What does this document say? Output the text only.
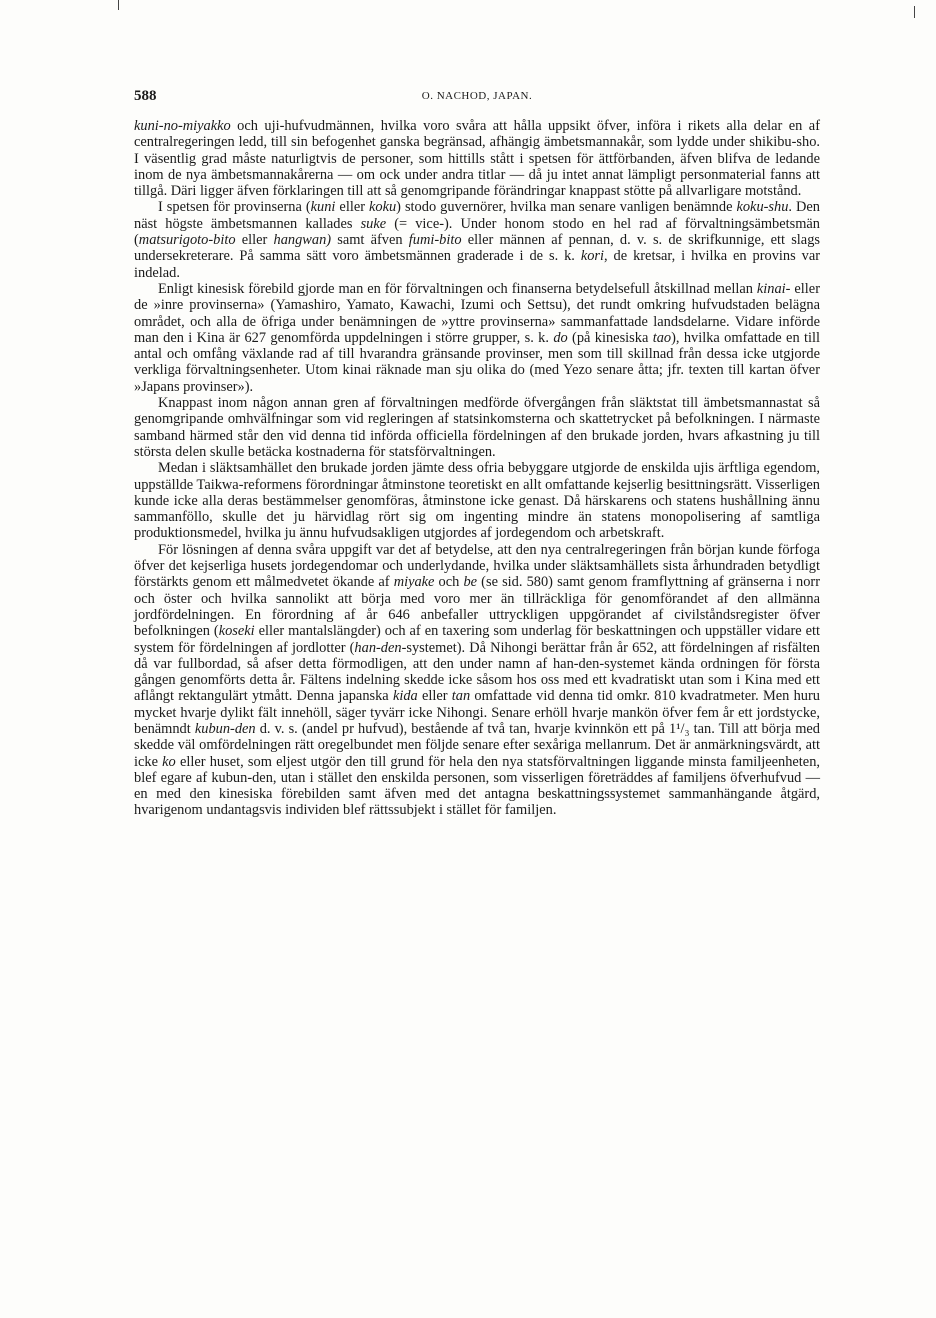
588	O. NACHOD, JAPAN.

kuni-no-miyakko och uji-hufvudmännen, hvilka voro svåra att hålla uppsikt öfver, införa i rikets alla delar en af centralregeringen ledd, till sin befogenhet ganska begränsad, afhängig ämbetsmannakår, som lydde under shikibu-sho. I väsentlig grad måste naturligtvis de personer, som hittills stått i spetsen för ättförbanden, äfven blifva de ledande inom de nya ämbetsmannakårerna — om ock under andra titlar — då ju intet annat lämpligt personmaterial fanns att tillgå. Däri ligger äfven förklaringen till att så genomgripande förändringar knappast stötte på allvarligare motstånd.

I spetsen för provinserna (kuni eller koku) stodo guvernörer, hvilka man senare vanligen benämnde koku-shu. Den näst högste ämbetsmannen kallades suke (= vice-). Under honom stodo en hel rad af förvaltningsämbetsmän (matsurigoto-bito eller hangwan) samt äfven fumi-bito eller männen af pennan, d. v. s. de skrifkunnige, ett slags undersekreterare. På samma sätt voro ämbetsmännen graderade i de s. k. kori, de kretsar, i hvilka en provins var indelad.

Enligt kinesisk förebild gjorde man en för förvaltningen och finanserna betydelsefull åtskillnad mellan kinai- eller de »inre provinserna» (Yamashiro, Yamato, Kawachi, Izumi och Settsu), det rundt omkring hufvudstaden belägna området, och alla de öfriga under benämningen de »yttre provinserna» sammanfattade landsdelarne. Vidare införde man den i Kina är 627 genomförda uppdelningen i större grupper, s. k. do (på kinesiska tao), hvilka omfattade en till antal och omfång växlande rad af till hvarandra gränsande provinser, men som till skillnad från dessa icke utgjorde verkliga förvaltningsenheter. Utom kinai räknade man sju olika do (med Yezo senare åtta; jfr. texten till kartan öfver »Japans provinser»).

Knappast inom någon annan gren af förvaltningen medförde öfvergången från släktstat till ämbetsmannastat så genomgripande omhvälfningar som vid regleringen af statsinkomsterna och skattetrycket på befolkningen. I närmaste samband härmed står den vid denna tid införda officiella fördelningen af den brukade jorden, hvars afkastning ju till största delen skulle betäcka kostnaderna för statsförvaltningen.

Medan i släktsamhället den brukade jorden jämte dess ofria bebyggare utgjorde de enskilda ujis ärftliga egendom, uppställde Taikwa-reformens förordningar åtminstone teoretiskt en allt omfattande kejserlig besittningsrätt. Visserligen kunde icke alla deras bestämmelser genomföras, åtminstone icke genast. Då härskarens och statens hushållning ännu sammanföllo, skulle det ju härvidlag rört sig om ingenting mindre än statens monopolisering af samtliga produktionsmedel, hvilka ju ännu hufvudsakligen utgjordes af jordegendom och arbetskraft.

För lösningen af denna svåra uppgift var det af betydelse, att den nya centralregeringen från början kunde förfoga öfver det kejserliga husets jordegendomar och underlydande, hvilka under släktsamhällets sista århundraden betydligt förstärkts genom ett målmedvetet ökande af miyake och be (se sid. 580) samt genom framflyttning af gränserna i norr och öster och hvilka sannolikt att börja med voro mer än tillräckliga för genomförandet af den allmänna jordfördelningen. En förordning af år 646 anbefaller uttryckligen uppgörandet af civilståndsregister öfver befolkningen (koseki eller mantalslängder) och af en taxering som underlag för beskattningen och uppställer vidare ett system för fördelningen af jordlotter (han-den-systemet). Då Nihongi berättar från år 652, att fördelningen af risfälten då var fullbordad, så afser detta förmodligen, att den under namn af han-den-systemet kända ordningen för första gången genomförts detta år. Fältens indelning skedde icke såsom hos oss med ett kvadratiskt utan som i Kina med ett aflångt rektangulärt ytmått. Denna japanska kida eller tan omfattade vid denna tid omkr. 810 kvadratmeter. Men huru mycket hvarje dylikt fält innehöll, säger tyvärr icke Nihongi. Senare erhöll hvarje mankön öfver fem år ett jordstycke, benämndt kubun-den d. v. s. (andel pr hufvud), bestående af två tan, hvarje kvinnkön ett på 1¹/₃ tan. Till att börja med skedde väl omfördelningen rätt oregelbundet men följde senare efter sexåriga mellanrum. Det är anmärkningsvärdt, att icke ko eller huset, som eljest utgör den till grund för hela den nya statsförvaltningen liggande minsta familjeenheten, blef egare af kubun-den, utan i stället den enskilda personen, som visserligen företräddes af familjens öfverhufvud — en med den kinesiska förebilden samt äfven med det antagna beskattningssystemet sammanhängande åtgärd, hvarigenom undantagsvis individen blef rättssubjekt i stället för familjen.
